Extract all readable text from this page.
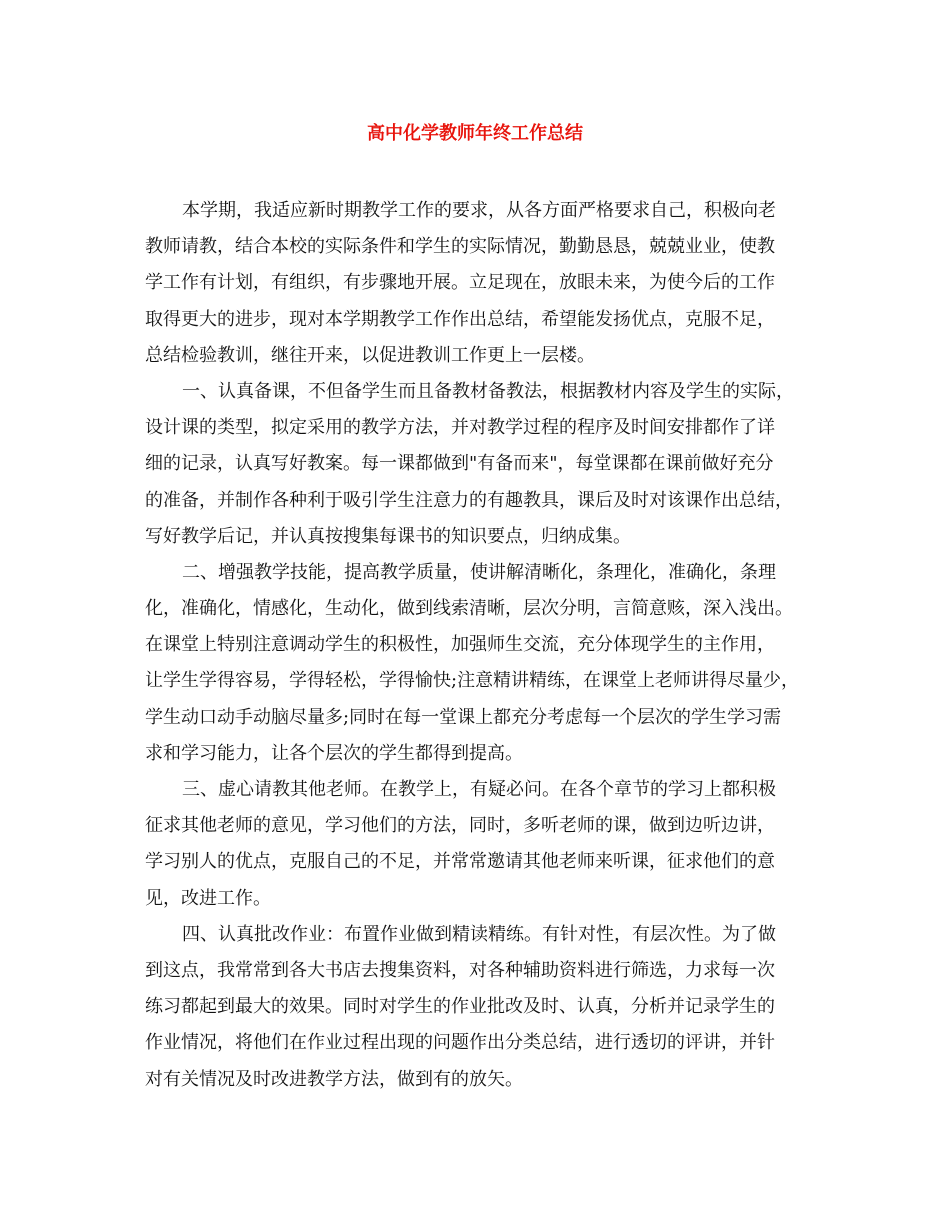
高中化学教师年终工作总结

本学期，我适应新时期教学工作的要求，从各方面严格要求自己，积极向老
教师请教，结合本校的实际条件和学生的实际情况，勤勤恳恳，兢兢业业，使教
学工作有计划，有组织，有步骤地开展。立足现在，放眼未来，为使今后的工作
取得更大的进步，现对本学期教学工作作出总结，希望能发扬优点，克服不足，
总结检验教训，继往开来，以促进教训工作更上一层楼。

一、认真备课，不但备学生而且备教材备教法，根据教材内容及学生的实际，
设计课的类型，拟定采用的教学方法，并对教学过程的程序及时间安排都作了详
细的记录，认真写好教案。每一课都做到"有备而来"，每堂课都在课前做好充分
的准备，并制作各种利于吸引学生注意力的有趣教具，课后及时对该课作出总结，
写好教学后记，并认真按搜集每课书的知识要点，归纳成集。

二、增强教学技能，提高教学质量，使讲解清晰化，条理化，准确化，条理
化，准确化，情感化，生动化，做到线索清晰，层次分明，言简意赅，深入浅出。
在课堂上特别注意调动学生的积极性，加强师生交流，充分体现学生的主作用，
让学生学得容易，学得轻松，学得愉快;注意精讲精练，在课堂上老师讲得尽量少，
学生动口动手动脑尽量多;同时在每一堂课上都充分考虑每一个层次的学生学习需
求和学习能力，让各个层次的学生都得到提高。

三、虚心请教其他老师。在教学上，有疑必问。在各个章节的学习上都积极
征求其他老师的意见，学习他们的方法，同时，多听老师的课，做到边听边讲，
学习别人的优点，克服自己的不足，并常常邀请其他老师来听课，征求他们的意
见，改进工作。

四、认真批改作业：布置作业做到精读精练。有针对性，有层次性。为了做
到这点，我常常到各大书店去搜集资料，对各种辅助资料进行筛选，力求每一次
练习都起到最大的效果。同时对学生的作业批改及时、认真，分析并记录学生的
作业情况，将他们在作业过程出现的问题作出分类总结，进行透切的评讲，并针
对有关情况及时改进教学方法，做到有的放矢。
